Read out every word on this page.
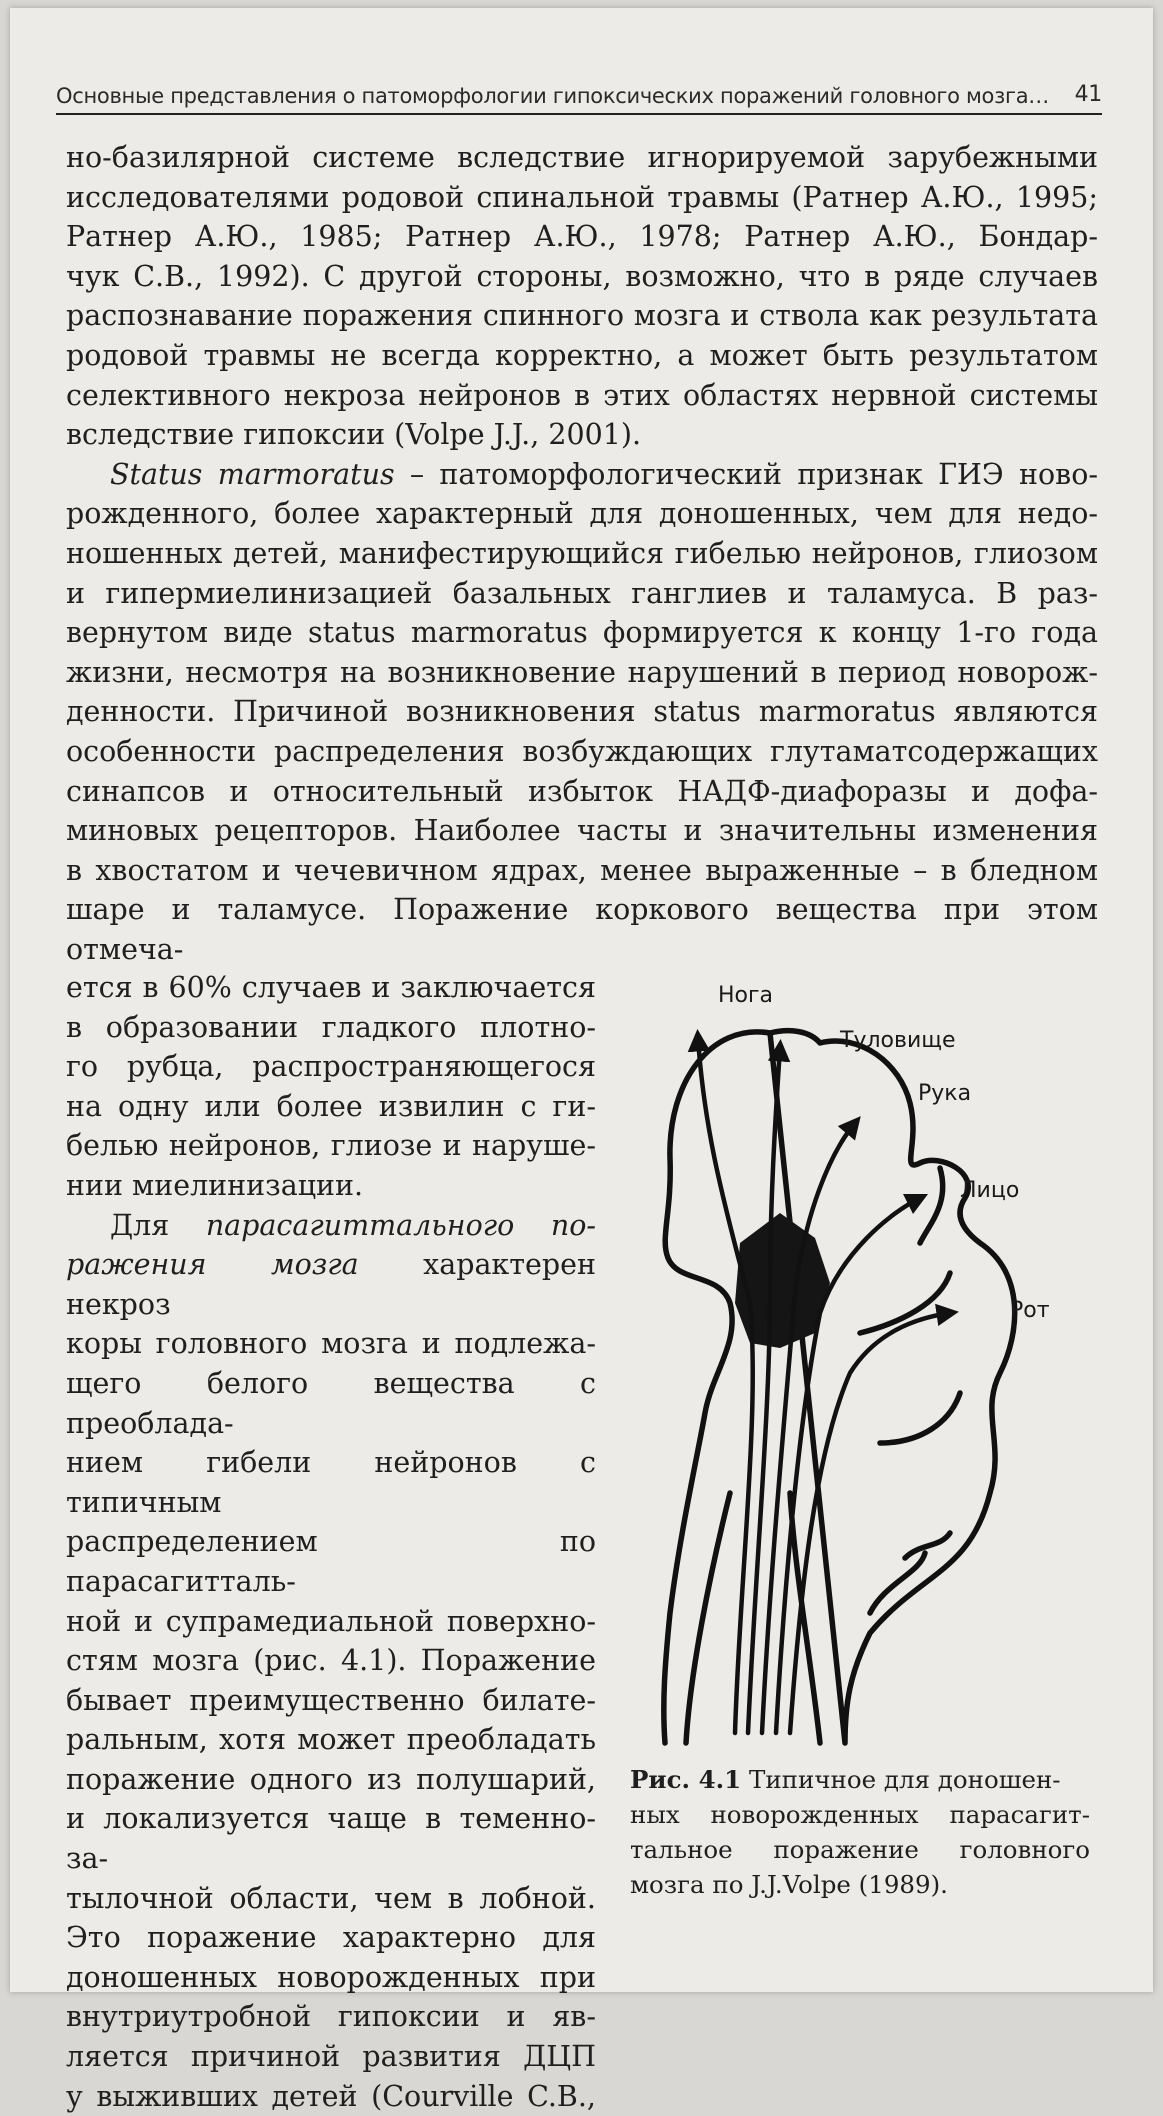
Основные представления о патоморфологии гипоксических поражений головного мозга… 41
но-базилярной системе вследствие игнорируемой зарубежными
исследователями родовой спинальной травмы (Ратнер А.Ю., 1995;
Ратнер А.Ю., 1985; Ратнер А.Ю., 1978; Ратнер А.Ю., Бондар-
чук С.В., 1992). С другой стороны, возможно, что в ряде случаев
распознавание поражения спинного мозга и ствола как результата
родовой травмы не всегда корректно, а может быть результатом
селективного некроза нейронов в этих областях нервной системы
вследствие гипоксии (Volpe J.J., 2001).
Status marmoratus – патоморфологический признак ГИЭ ново-
рожденного, более характерный для доношенных, чем для недо-
ношенных детей, манифестирующийся гибелью нейронов, глиозом
и гипермиелинизацией базальных ганглиев и таламуса. В раз-
вернутом виде status marmoratus формируется к концу 1-го года
жизни, несмотря на возникновение нарушений в период новорож-
денности. Причиной возникновения status marmoratus являются
особенности распределения возбуждающих глутаматсодержащих
синапсов и относительный избыток НАДФ-диафоразы и дофа-
миновых рецепторов. Наиболее часты и значительны изменения
в хвостатом и чечевичном ядрах, менее выраженные – в бледном
шаре и таламусе. Поражение коркового вещества при этом отмеча-
ется в 60% случаев и заключается
в образовании гладкого плотно-
го рубца, распространяющегося
на одну или более извилин с ги-
белью нейронов, глиозе и наруше-
нии миелинизации.
Для парасагиттального по-
ражения мозга характерен некроз
коры головного мозга и подлежа-
щего белого вещества с преоблада-
нием гибели нейронов с типичным
распределением по парасагитталь-
ной и супрамедиальной поверхно-
стям мозга (рис. 4.1). Поражение
бывает преимущественно билате-
ральным, хотя может преобладать
поражение одного из полушарий,
и локализуется чаще в теменно-за-
тылочной области, чем в лобной.
Это поражение характерно для
доношенных новорожденных при
внутриутробной гипоксии и яв-
ляется причиной развития ДЦП
у выживших детей (Courville C.B.,
Нога
Туловище
Рука
Лицо
Рот
Рис. 4.1 Типичное для доношен-
ных новорожденных парасагит-
тальное поражение головного
мозга по J.J.Volpe (1989).
